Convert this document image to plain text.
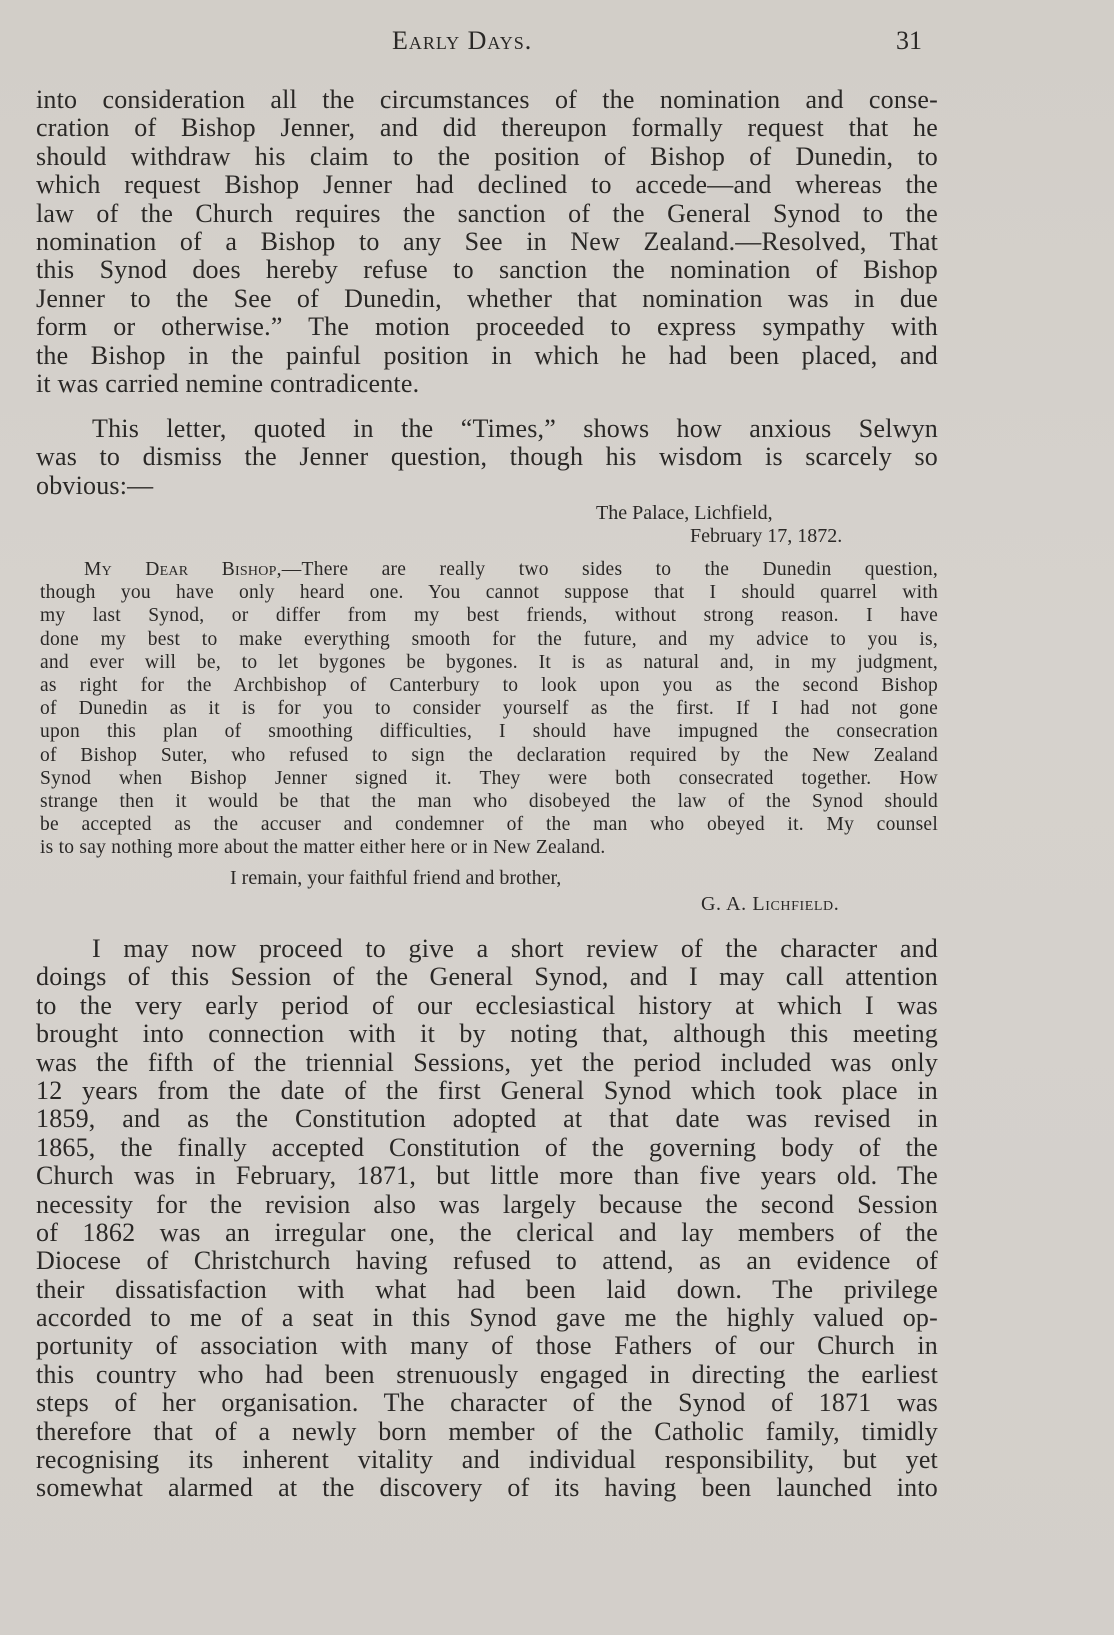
Early Days.	31
into consideration all the circumstances of the nomination and conse-
cration of Bishop Jenner, and did thereupon formally request that he
should withdraw his claim to the position of Bishop of Dunedin, to
which request Bishop Jenner had declined to accede—and whereas the
law of the Church requires the sanction of the General Synod to the
nomination of a Bishop to any See in New Zealand.—Resolved, That
this Synod does hereby refuse to sanction the nomination of Bishop
Jenner to the See of Dunedin, whether that nomination was in due
form or otherwise.” The motion proceeded to express sympathy with
the Bishop in the painful position in which he had been placed, and
it was carried nemine contradicente.
This letter, quoted in the “Times,” shows how anxious Selwyn
was to dismiss the Jenner question, though his wisdom is scarcely so
obvious:—
The Palace, Lichfield,
February 17, 1872.
My Dear Bishop,—There are really two sides to the Dunedin question,
though you have only heard one. You cannot suppose that I should quarrel with
my last Synod, or differ from my best friends, without strong reason. I have
done my best to make everything smooth for the future, and my advice to you is,
and ever will be, to let bygones be bygones. It is as natural and, in my judgment,
as right for the Archbishop of Canterbury to look upon you as the second Bishop
of Dunedin as it is for you to consider yourself as the first. If I had not gone
upon this plan of smoothing difficulties, I should have impugned the consecration
of Bishop Suter, who refused to sign the declaration required by the New Zealand
Synod when Bishop Jenner signed it. They were both consecrated together. How
strange then it would be that the man who disobeyed the law of the Synod should
be accepted as the accuser and condemner of the man who obeyed it. My counsel
is to say nothing more about the matter either here or in New Zealand.
I remain, your faithful friend and brother,
G. A. Lichfield.
I may now proceed to give a short review of the character and
doings of this Session of the General Synod, and I may call attention
to the very early period of our ecclesiastical history at which I was
brought into connection with it by noting that, although this meeting
was the fifth of the triennial Sessions, yet the period included was only
12 years from the date of the first General Synod which took place in
1859, and as the Constitution adopted at that date was revised in
1865, the finally accepted Constitution of the governing body of the
Church was in February, 1871, but little more than five years old. The
necessity for the revision also was largely because the second Session
of 1862 was an irregular one, the clerical and lay members of the
Diocese of Christchurch having refused to attend, as an evidence of
their dissatisfaction with what had been laid down. The privilege
accorded to me of a seat in this Synod gave me the highly valued op-
portunity of association with many of those Fathers of our Church in
this country who had been strenuously engaged in directing the earliest
steps of her organisation. The character of the Synod of 1871 was
therefore that of a newly born member of the Catholic family, timidly
recognising its inherent vitality and individual responsibility, but yet
somewhat alarmed at the discovery of its having been launched into
